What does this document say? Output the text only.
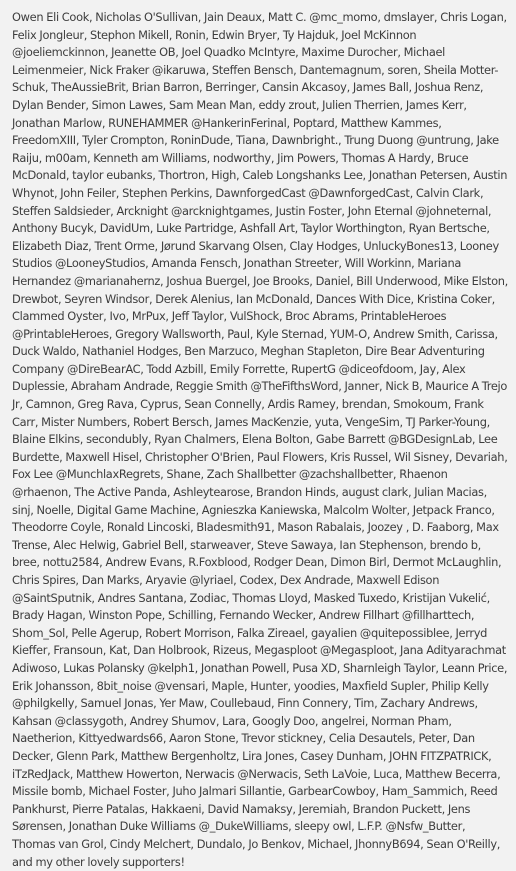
Owen Eli Cook, Nicholas O'Sullivan, Jain Deaux, Matt C. @mc_momo, dmslayer, Chris Logan, Felix Jongleur, Stephon Mikell, Ronin, Edwin Bryer, Ty Hajduk, Joel McKinnon @joeliemckinnon, Jeanette OB, Joel Quadko McIntyre, Maxime Durocher, Michael Leimenmeier, Nick Fraker @ikaruwa, Steffen Bensch, Dantemagnum, soren, Sheila Motter-Schuk, TheAussieBrit, Brian Barron, Berringer, Cansin Akcasoy, James Ball, Joshua Renz, Dylan Bender, Simon Lawes, Sam Mean Man, eddy zrout, Julien Therrien, James Kerr, Jonathan Marlow, RUNEHAMMER @HankerinFerinal, Poptard, Matthew Kammes, FreedomXIII, Tyler Crompton, RoninDude, Tiana, Dawnbright., Trung Duong @untrung, Jake Raiju, m00am, Kenneth am Williams, nodworthy, Jim Powers, Thomas A Hardy, Bruce McDonald, taylor eubanks, Thortron, High, Caleb Longshanks Lee, Jonathan Petersen, Austin Whynot, John Feiler, Stephen Perkins, DawnforgedCast @DawnforgedCast, Calvin Clark, Steffen Saldsieder, Arcknight @arcknightgames, Justin Foster, John Eternal @johneternal, Anthony Bucyk, DavidUm, Luke Partridge, Ashfall Art, Taylor Worthington, Ryan Bertsche, Elizabeth Diaz, Trent Orme, Jørund Skarvang Olsen, Clay Hodges, UnluckyBones13, Looney Studios @LooneyStudios, Amanda Fensch, Jonathan Streeter, Will Workinn, Mariana Hernandez @marianahernz, Joshua Buergel, Joe Brooks, Daniel, Bill Underwood, Mike Elston, Drewbot, Seyren Windsor, Derek Alenius, Ian McDonald, Dances With Dice, Kristina Coker, Clammed Oyster, Ivo, MrPux, Jeff Taylor, VulShock, Broc Abrams, PrintableHeroes @PrintableHeroes, Gregory Wallsworth, Paul, Kyle Sternad, YUM-O, Andrew Smith, Carissa, Duck Waldo, Nathaniel Hodges, Ben Marzuco, Meghan Stapleton, Dire Bear Adventuring Company @DireBearAC, Todd Azbill, Emily Forrette, RupertG @diceofdoom, Jay, Alex Duplessie, Abraham Andrade, Reggie Smith @TheFifthsWord, Janner, Nick B, Maurice A Trejo Jr, Camnon, Greg Rava, Cyprus, Sean Connelly, Ardis Ramey, brendan, Smokoum, Frank Carr, Mister Numbers, Robert Bersch, James MacKenzie, yuta, VengeSim, TJ Parker-Young, Blaine Elkins, secondubly, Ryan Chalmers, Elena Bolton, Gabe Barrett @BGDesignLab, Lee Burdette, Maxwell Hisel, Christopher O'Brien, Paul Flowers, Kris Russel, Wil Sisney, Devariah, Fox Lee @MunchlaxRegrets, Shane, Zach Shallbetter @zachshallbetter, Rhaenon @rhaenon, The Active Panda, Ashleytearose, Brandon Hinds, august clark, Julian Macias, sinj, Noelle, Digital Game Machine, Agnieszka Kaniewska, Malcolm Wolter, Jetpack Franco, Theodorre Coyle, Ronald Lincoski, Bladesmith91, Mason Rabalais, Joozey , D. Faaborg, Max Trense, Alec Helwig, Gabriel Bell, starweaver, Steve Sawaya, Ian Stephenson, brendo b, bree, nottu2584, Andrew Evans, R.Foxblood, Rodger Dean, Dimon Birl, Dermot McLaughlin, Chris Spires, Dan Marks, Aryavie @lyriael, Codex, Dex Andrade, Maxwell Edison @SaintSputnik, Andres Santana, Zodiac, Thomas Lloyd, Masked Tuxedo, Kristijan Vukelić, Brady Hagan, Winston Pope, Schilling, Fernando Wecker, Andrew Fillhart @fillharttech, Shom_Sol, Pelle Agerup, Robert Morrison, Falka Zireael, gayalien @quitepossiblee, Jerryd Kieffer, Fransoun, Kat, Dan Holbrook, Rizeus, Megasploot @Megasploot, Jana Adityarachmat Adiwoso, Lukas Polansky @kelph1, Jonathan Powell, Pusa XD, Sharnleigh Taylor, Leann Price, Erik Johansson, 8bit_noise @vensari, Maple, Hunter, yoodies, Maxfield Supler, Philip Kelly @philgkelly, Samuel Jonas, Yer Maw, Coullebaud, Finn Connery, Tim, Zachary Andrews, Kahsan @classygoth, Andrey Shumov, Lara, Googly Doo, angelrei, Norman Pham, Naetherion, Kittyedwards66, Aaron Stone, Trevor stickney, Celia Desautels, Peter, Dan Decker, Glenn Park, Matthew Bergenholtz, Lira Jones, Casey Dunham, JOHN FITZPATRICK, iTzRedJack, Matthew Howerton, Nerwacis @Nerwacis, Seth LaVoie, Luca, Matthew Becerra, Missile bomb, Michael Foster, Juho Jalmari Sillantie, GarbearCowboy, Ham_Sammich, Reed Pankhurst, Pierre Patalas, Hakkaeni, David Namaksy, Jeremiah, Brandon Puckett, Jens Sørensen, Jonathan Duke Williams @_DukeWilliams, sleepy owl, L.F.P. @Nsfw_Butter, Thomas van Grol, Cindy Melchert, Dundalo, Jo Benkov, Michael, JhonnyB694, Sean O'Reilly, and my other lovely supporters!
